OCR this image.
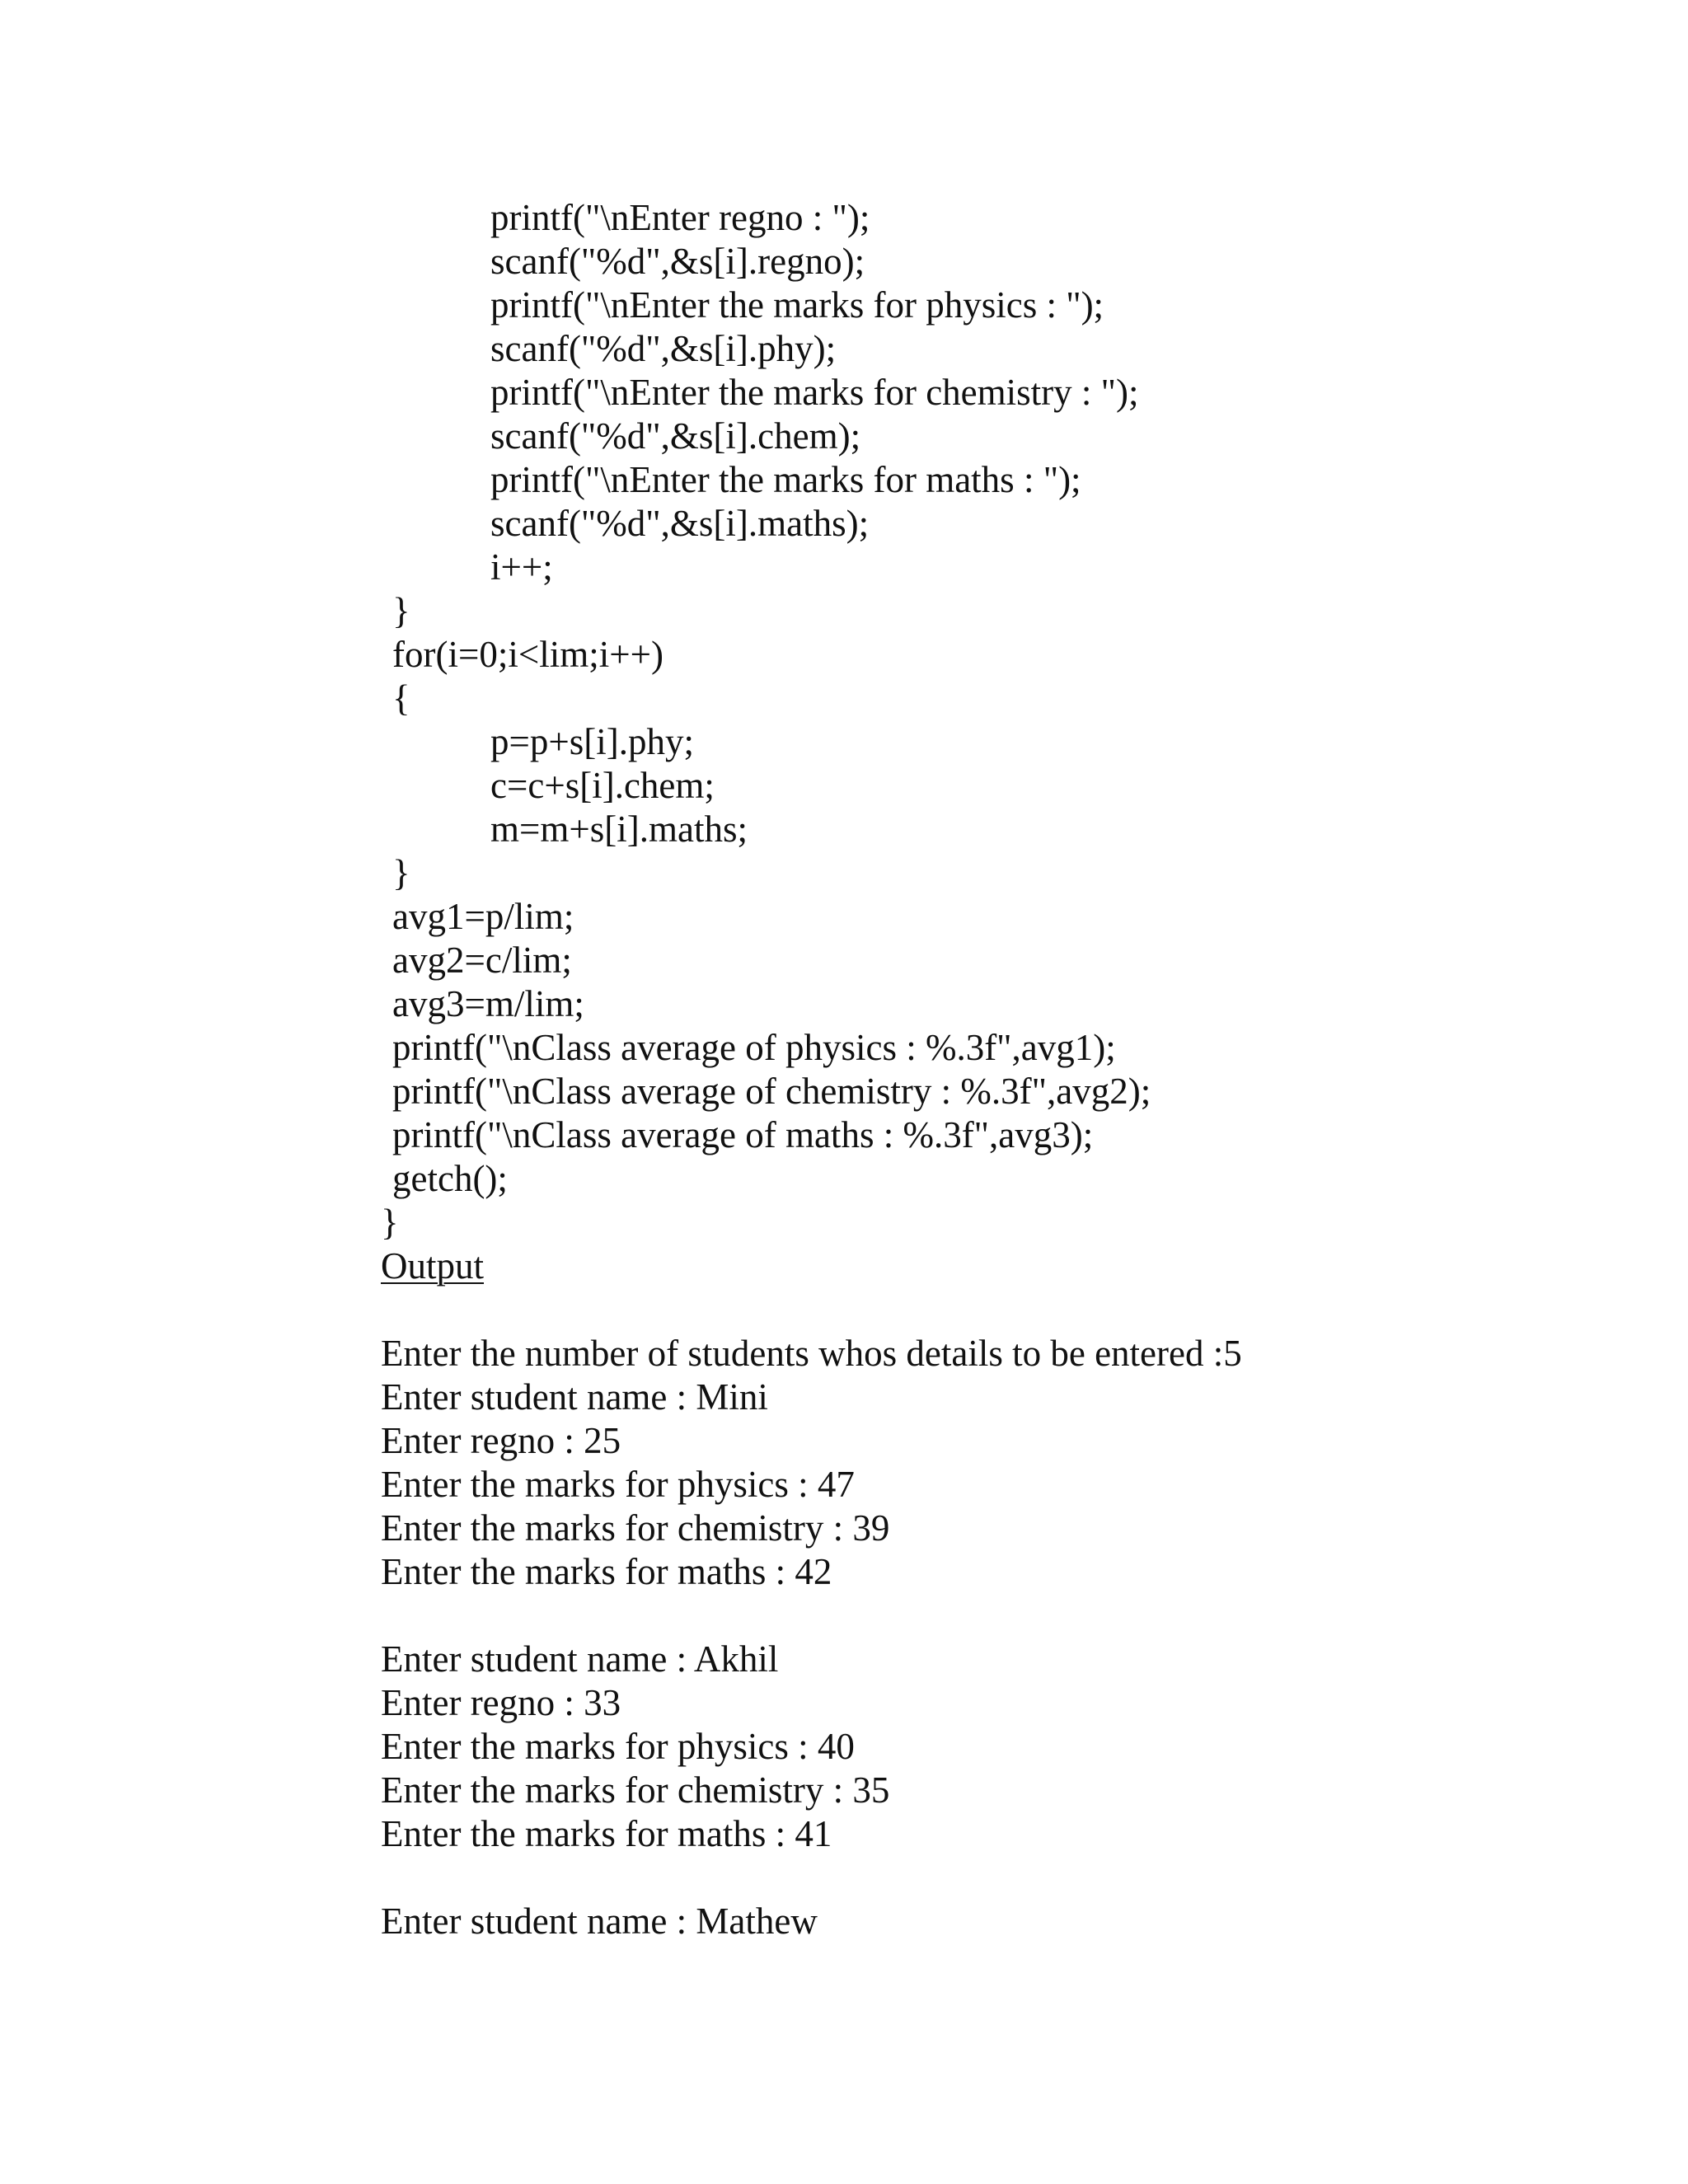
printf("\nEnter regno : ");
scanf("%d",&s[i].regno);
printf("\nEnter the marks for physics : ");
scanf("%d",&s[i].phy);
printf("\nEnter the marks for chemistry : ");
scanf("%d",&s[i].chem);
printf("\nEnter the marks for maths : ");
scanf("%d",&s[i].maths);
i++;
}
for(i=0;i<lim;i++)
{
p=p+s[i].phy;
c=c+s[i].chem;
m=m+s[i].maths;
}
avg1=p/lim;
avg2=c/lim;
avg3=m/lim;
printf("\nClass average of physics : %.3f",avg1);
printf("\nClass average of chemistry : %.3f",avg2);
printf("\nClass average of maths : %.3f",avg3);
getch();
}
Output
Enter the number of students whos details to be entered :5
Enter student name : Mini
Enter regno : 25
Enter the marks for physics : 47
Enter the marks for chemistry : 39
Enter the marks for maths : 42
Enter student name : Akhil
Enter regno : 33
Enter the marks for physics : 40
Enter the marks for chemistry : 35
Enter the marks for maths : 41
Enter student name : Mathew
